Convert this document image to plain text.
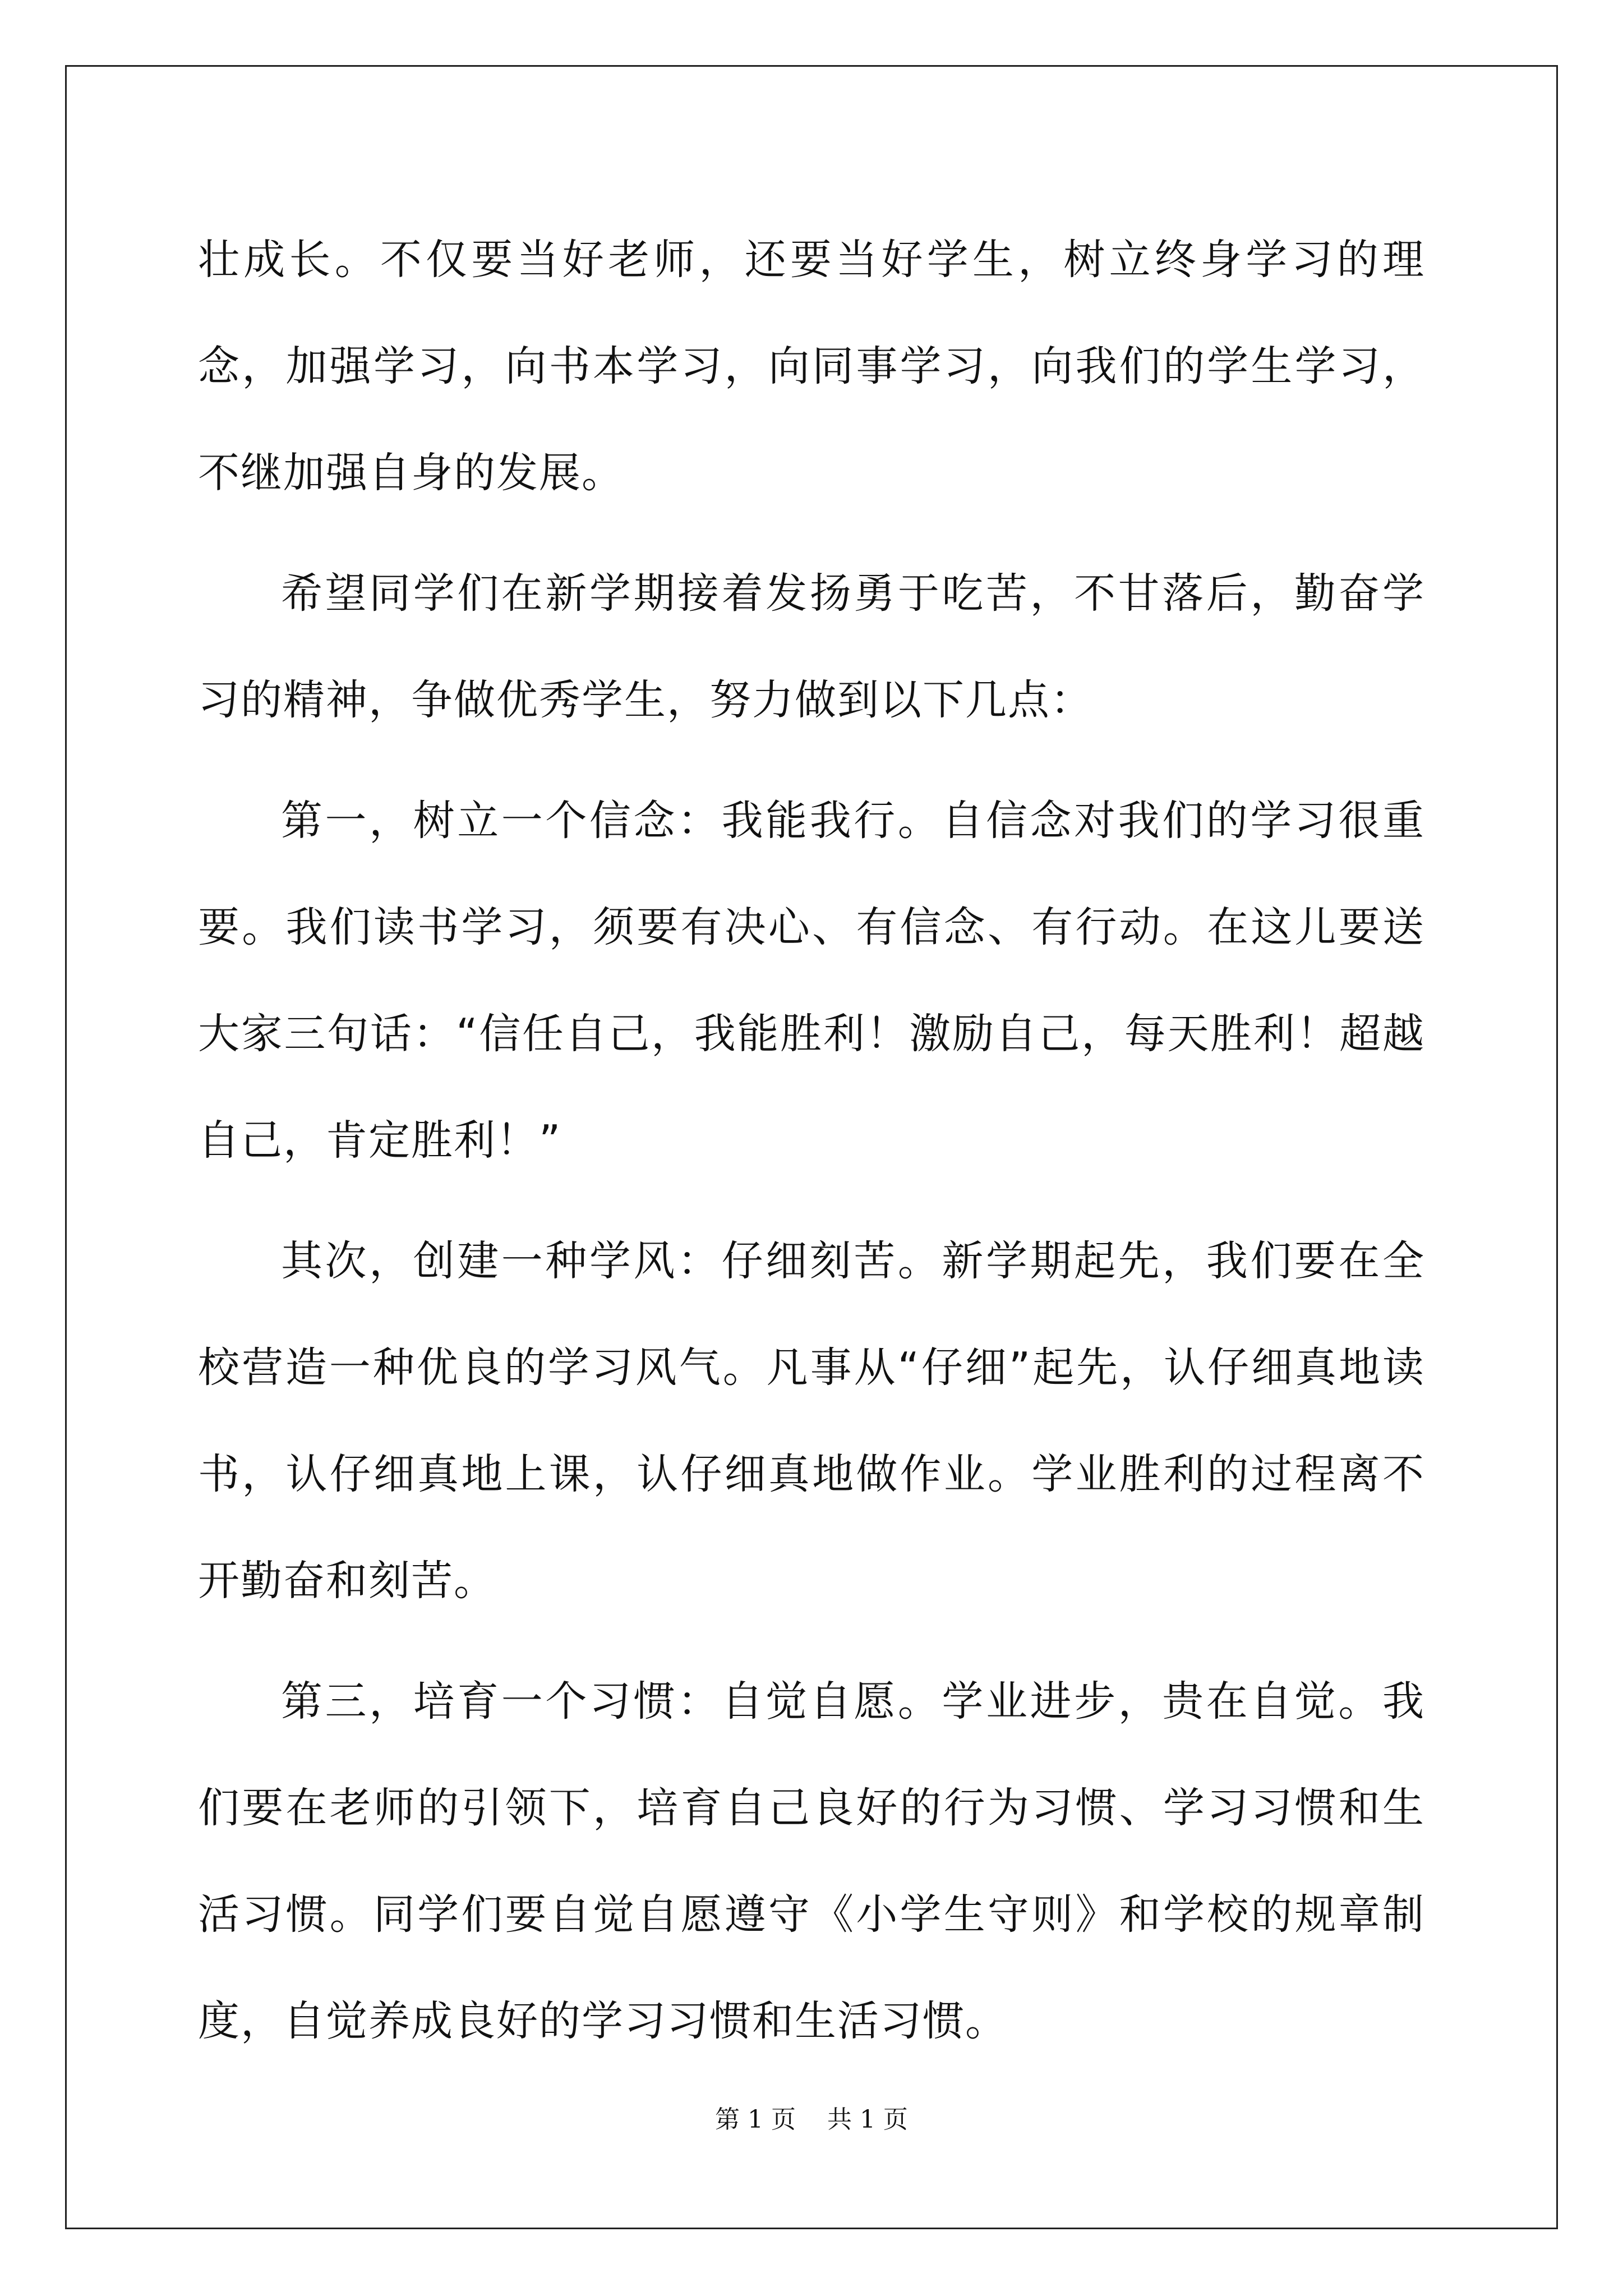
壮成长。不仅要当好老师，还要当好学生，树立终身学习的理念，加强学习，向书本学习，向同事学习，向我们的学生学习，不继加强自身的发展。

希望同学们在新学期接着发扬勇于吃苦，不甘落后，勤奋学习的精神，争做优秀学生，努力做到以下几点：

第一，树立一个信念：我能我行。自信念对我们的学习很重要。我们读书学习，须要有决心、有信念、有行动。在这儿要送大家三句话：“信任自己，我能胜利！激励自己，每天胜利！超越自己，肯定胜利！”

其次，创建一种学风：仔细刻苦。新学期起先，我们要在全校营造一种优良的学习风气。凡事从“仔细”起先，认仔细真地读书，认仔细真地上课，认仔细真地做作业。学业胜利的过程离不开勤奋和刻苦。

第三，培育一个习惯：自觉自愿。学业进步，贵在自觉。我们要在老师的引领下，培育自己良好的行为习惯、学习习惯和生活习惯。同学们要自觉自愿遵守《小学生守则》和学校的规章制度，自觉养成良好的学习习惯和生活习惯。

第 1 页    共 1 页
